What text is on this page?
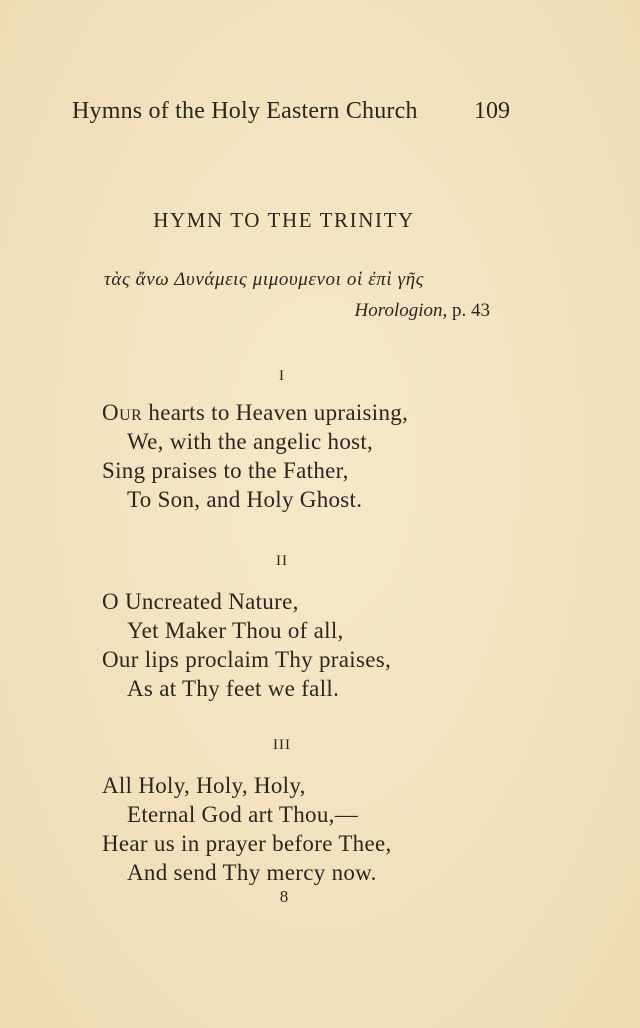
Hymns of the Holy Eastern Church 109
HYMN TO THE TRINITY
τὰς ἄνω Δυνάμεις μιμουμενοι οἱ ἐπὶ γῆς
Horologion, p. 43
I
Our hearts to Heaven upraising,
We, with the angelic host,
Sing praises to the Father,
To Son, and Holy Ghost.
II
O Uncreated Nature,
Yet Maker Thou of all,
Our lips proclaim Thy praises,
As at Thy feet we fall.
III
All Holy, Holy, Holy,
Eternal God art Thou,—
Hear us in prayer before Thee,
And send Thy mercy now.
8
